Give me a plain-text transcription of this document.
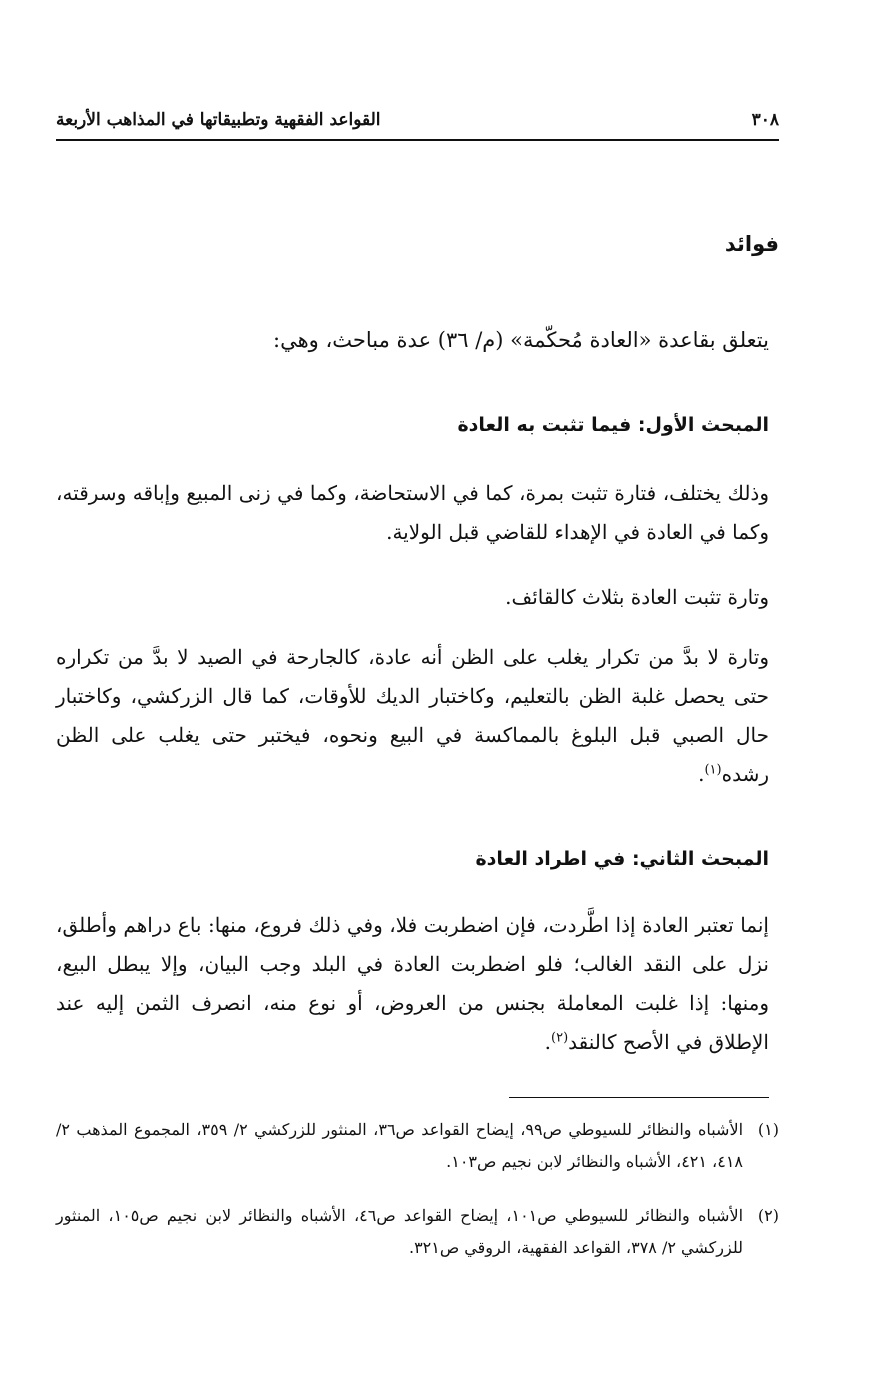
٣٠٨
القواعد الفقهية وتطبيقاتها في المذاهب الأربعة
فوائد
يتعلق بقاعدة «العادة مُحكّمة» (م/ ٣٦) عدة مباحث، وهي:
المبحث الأول: فيما تثبت به العادة
وذلك يختلف، فتارة تثبت بمرة، كما في الاستحاضة، وكما في زنى المبيع وإباقه وسرقته، وكما في العادة في الإهداء للقاضي قبل الولاية.
وتارة تثبت العادة بثلاث كالقائف.
وتارة لا بدَّ من تكرار يغلب على الظن أنه عادة، كالجارحة في الصيد لا بدَّ من تكراره حتى يحصل غلبة الظن بالتعليم، وكاختبار الديك للأوقات، كما قال الزركشي، وكاختبار حال الصبي قبل البلوغ بالمماكسة في البيع ونحوه، فيختبر حتى يغلب على الظن رشده$^{(١)}$.
المبحث الثاني: في اطراد العادة
إنما تعتبر العادة إذا اطَّردت، فإن اضطربت فلا، وفي ذلك فروع، منها: باع دراهم وأطلق، نزل على النقد الغالب؛ فلو اضطربت العادة في البلد وجب البيان، وإلا يبطل البيع، ومنها: إذا غلبت المعاملة بجنس من العروض، أو نوع منه، انصرف الثمن إليه عند الإطلاق في الأصح كالنقد$^{(٢)}$.
(١)
الأشباه والنظائر للسيوطي ص٩٩، إيضاح القواعد ص٣٦، المنثور للزركشي ٢/ ٣٥٩، المجموع المذهب ٢/ ٤١٨، ٤٢١، الأشباه والنظائر لابن نجيم ص١٠٣.
(٢)
الأشباه والنظائر للسيوطي ص١٠١، إيضاح القواعد ص٤٦، الأشباه والنظائر لابن نجيم ص١٠٥، المنثور للزركشي ٢/ ٣٧٨، القواعد الفقهية، الروقي ص٣٢١.
